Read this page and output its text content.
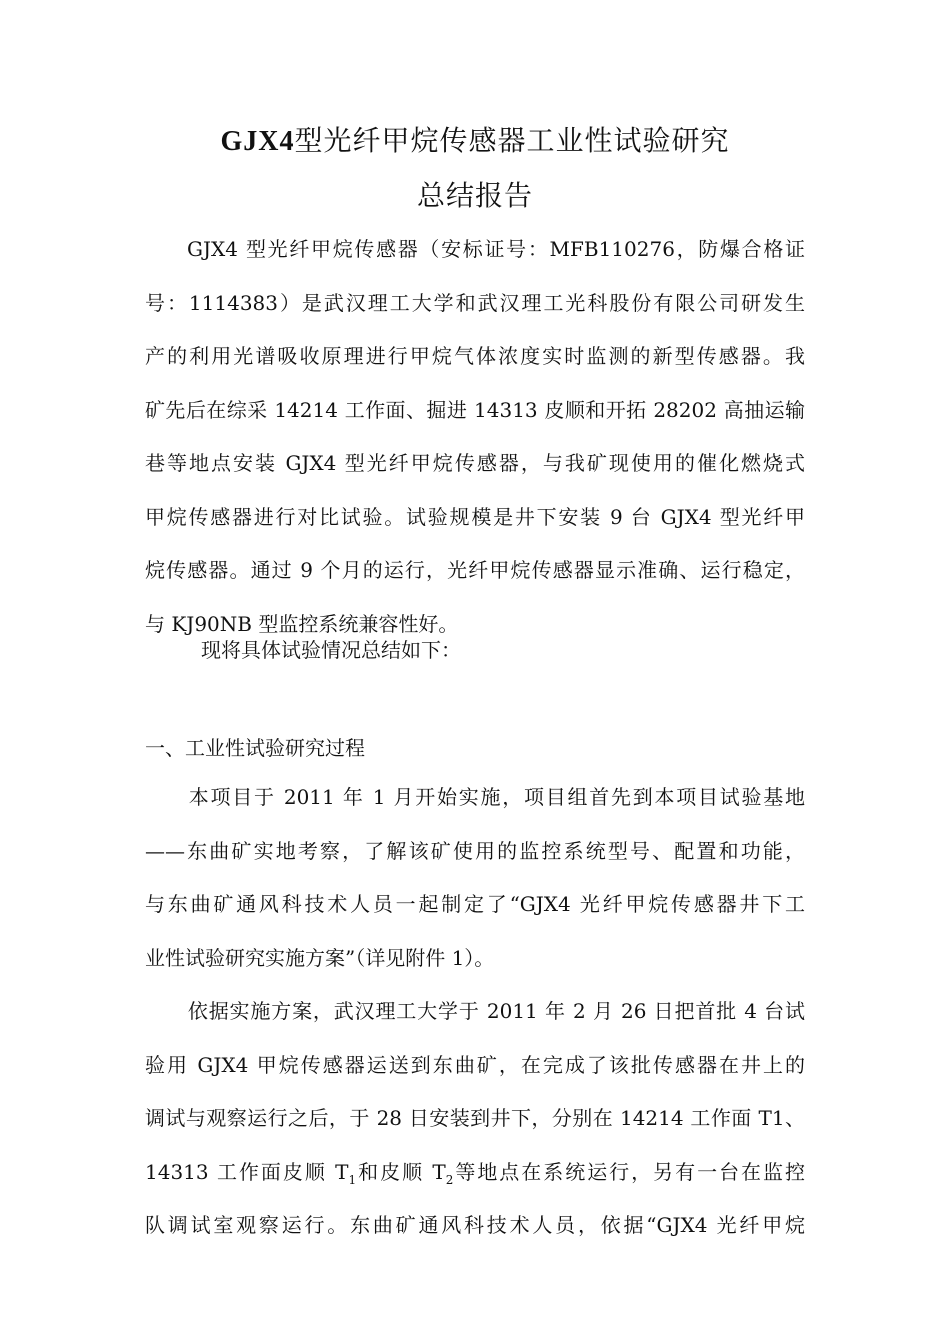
GJX4型光纤甲烷传感器工业性试验研究
总结报告
GJX4 型光纤甲烷传感器（安标证号：MFB110276，防爆合格证
号：1114383）是武汉理工大学和武汉理工光科股份有限公司研发生
产的利用光谱吸收原理进行甲烷气体浓度实时监测的新型传感器。我
矿先后在综采 14214 工作面、掘进 14313 皮顺和开拓 28202 高抽运输
巷等地点安装 GJX4 型光纤甲烷传感器，与我矿现使用的催化燃烧式
甲烷传感器进行对比试验。试验规模是井下安装 9 台 GJX4 型光纤甲
烷传感器。通过 9 个月的运行，光纤甲烷传感器显示准确、运行稳定，
与 KJ90NB 型监控系统兼容性好。
现将具体试验情况总结如下：
一、工业性试验研究过程
本项目于 2011 年 1 月开始实施，项目组首先到本项目试验基地
——东曲矿实地考察，了解该矿使用的监控系统型号、配置和功能，
与东曲矿通风科技术人员一起制定了“GJX4 光纤甲烷传感器井下工
业性试验研究实施方案”（详见附件 1）。
依据实施方案，武汉理工大学于 2011 年 2 月 26 日把首批 4 台试
验用 GJX4 甲烷传感器运送到东曲矿，在完成了该批传感器在井上的
调试与观察运行之后，于 28 日安装到井下，分别在 14214 工作面 T1、
14313 工作面皮顺 $T_1$和皮顺 $T_2$等地点在系统运行，另有一台在监控
队调试室观察运行。东曲矿通风科技术人员，依据“GJX4 光纤甲烷
